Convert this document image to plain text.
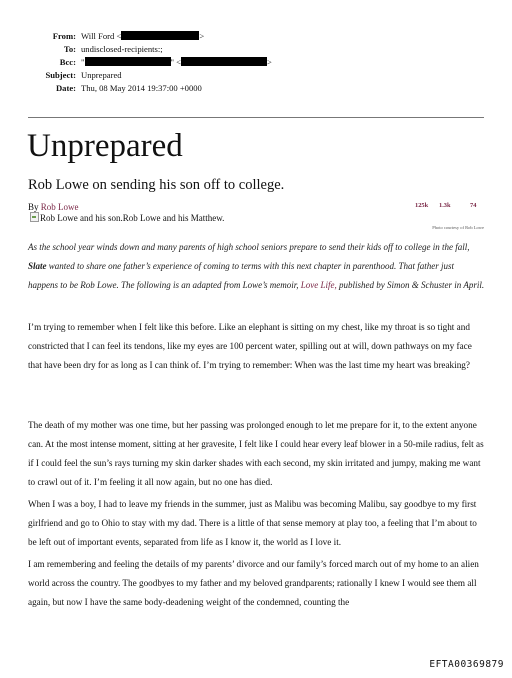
From: Will Ford <	>
To: undisclosed-recipients:;
Bcc: "	" <	>
Subject: Unprepared
Date: Thu, 08 May 2014 19:37:00 +0000
Unprepared
Rob Lowe on sending his son off to college.
By Rob Lowe	125k 1.3k	74
Rob Lowe and his son.Rob Lowe and his Matthew.
Photo courtesy of Rob Lowe
As the school year winds down and many parents of high school seniors prepare to send their kids off to college in the fall, Slate wanted to share one father’s experience of coming to terms with this next chapter in parenthood. That father just happens to be Rob Lowe. The following is an adapted from Lowe’s memoir, Love Life, published by Simon & Schuster in April.
I’m trying to remember when I felt like this before. Like an elephant is sitting on my chest, like my throat is so tight and constricted that I can feel its tendons, like my eyes are 100 percent water, spilling out at will, down pathways on my face that have been dry for as long as I can think of. I’m trying to remember: When was the last time my heart was breaking?
The death of my mother was one time, but her passing was prolonged enough to let me prepare for it, to the extent anyone can. At the most intense moment, sitting at her gravesite, I felt like I could hear every leaf blower in a 50-mile radius, felt as if I could feel the sun’s rays turning my skin darker shades with each second, my skin irritated and jumpy, making me want to crawl out of it. I’m feeling it all now again, but no one has died.
When I was a boy, I had to leave my friends in the summer, just as Malibu was becoming Malibu, say goodbye to my first girlfriend and go to Ohio to stay with my dad. There is a little of that sense memory at play too, a feeling that I’m about to be left out of important events, separated from life as I know it, the world as I love it.
I am remembering and feeling the details of my parents’ divorce and our family’s forced march out of my home to an alien world across the country. The goodbyes to my father and my beloved grandparents; rationally I knew I would see them all again, but now I have the same body-deadening weight of the condemned, counting the
EFTA00369879
